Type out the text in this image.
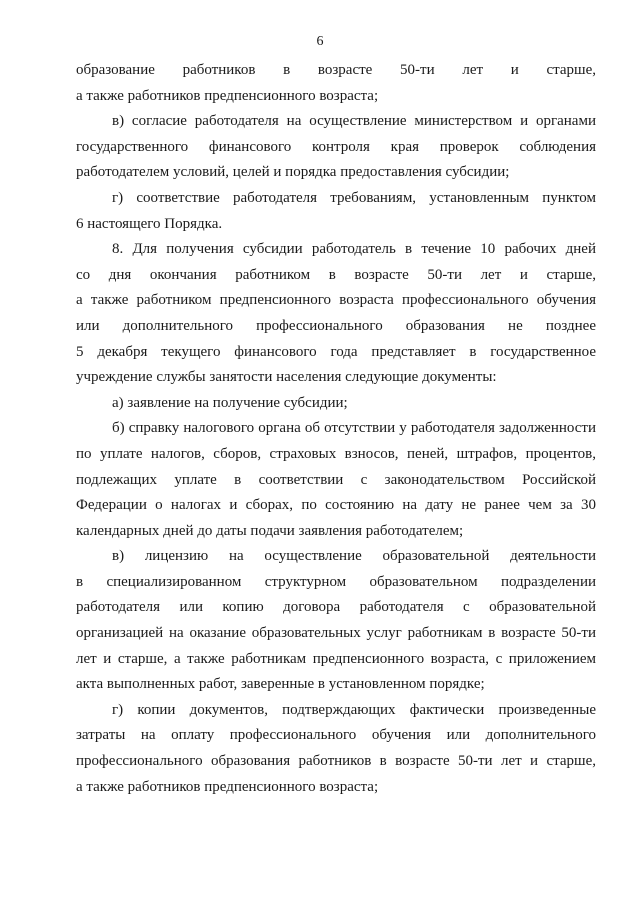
6
образование работников в возрасте 50-ти лет и старше,
а также работников предпенсионного возраста;
в) согласие работодателя на осуществление министерством и органами
государственного финансового контроля края проверок соблюдения
работодателем условий, целей и порядка предоставления субсидии;
г) соответствие работодателя требованиям, установленным пунктом
6 настоящего Порядка.
8. Для получения субсидии работодатель в течение 10 рабочих дней
со дня окончания работником в возрасте 50-ти лет и старше,
а также работником предпенсионного возраста профессионального обучения
или дополнительного профессионального образования не позднее
5 декабря текущего финансового года представляет в государственное
учреждение службы занятости населения следующие документы:
а) заявление на получение субсидии;
б) справку налогового органа об отсутствии у работодателя задолженности
по уплате налогов, сборов, страховых взносов, пеней, штрафов, процентов,
подлежащих уплате в соответствии с законодательством Российской
Федерации о налогах и сборах, по состоянию на дату не ранее чем за 30
календарных дней до даты подачи заявления работодателем;
в) лицензию на осуществление образовательной деятельности
в специализированном структурном образовательном подразделении
работодателя или копию договора работодателя с образовательной
организацией на оказание образовательных услуг работникам в возрасте 50-ти
лет и старше, а также работникам предпенсионного возраста, с приложением
акта выполненных работ, заверенные в установленном порядке;
г) копии документов, подтверждающих фактически произведенные
затраты на оплату профессионального обучения или дополнительного
профессионального образования работников в возрасте 50-ти лет и старше,
а также работников предпенсионного возраста;
